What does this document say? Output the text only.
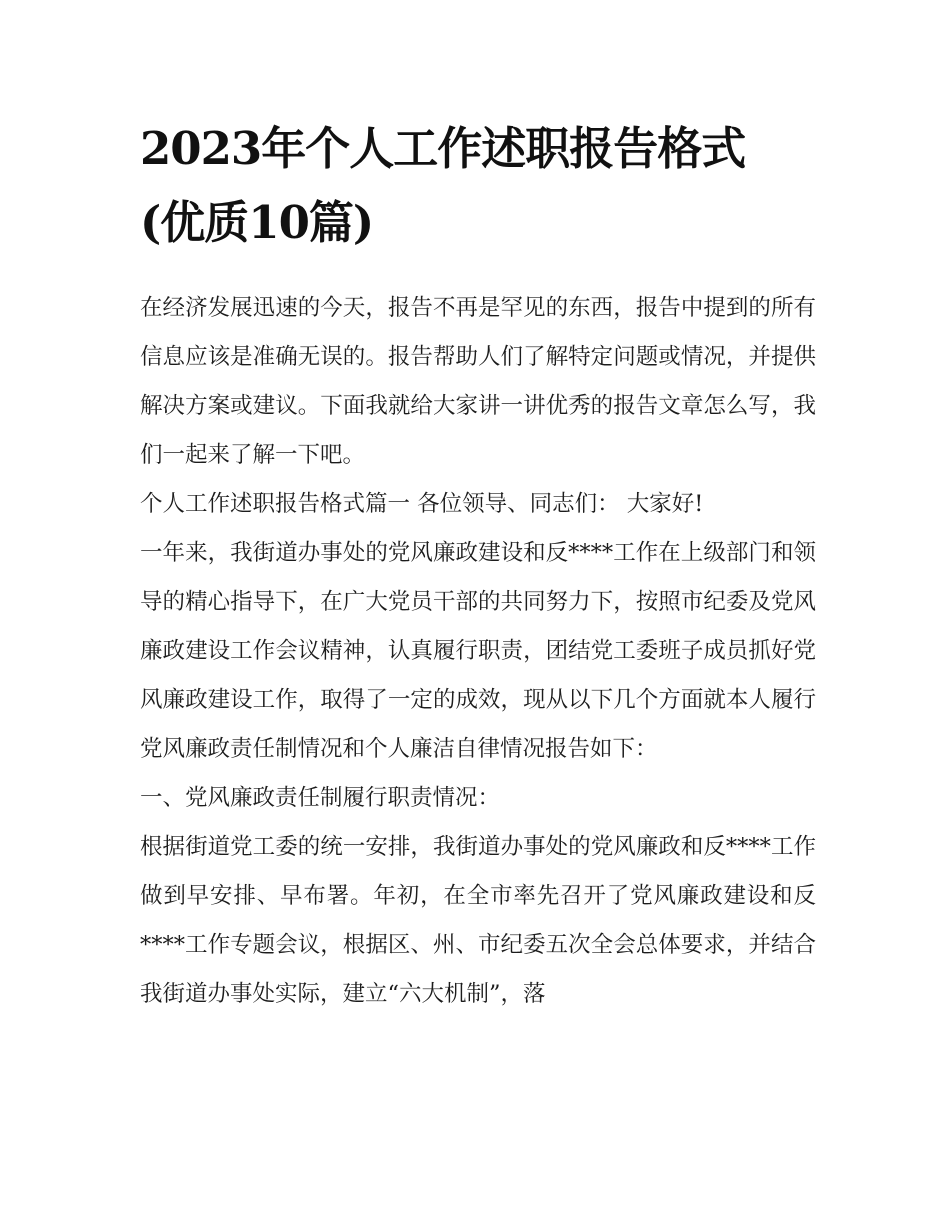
2023年个人工作述职报告格式
(优质10篇)

在经济发展迅速的今天，报告不再是罕见的东西，报告中提到的所有信息应该是准确无误的。报告帮助人们了解特定问题或情况，并提供解决方案或建议。下面我就给大家讲一讲优秀的报告文章怎么写，我们一起来了解一下吧。

个人工作述职报告格式篇一 各位领导、同志们： 大家好!

一年来，我街道办事处的党风廉政建设和反****工作在上级部门和领导的精心指导下，在广大党员干部的共同努力下，按照市纪委及党风廉政建设工作会议精神，认真履行职责，团结党工委班子成员抓好党风廉政建设工作，取得了一定的成效，现从以下几个方面就本人履行党风廉政责任制情况和个人廉洁自律情况报告如下：

一、党风廉政责任制履行职责情况：

根据街道党工委的统一安排，我街道办事处的党风廉政和反****工作做到早安排、早布署。年初，在全市率先召开了党风廉政建设和反****工作专题会议，根据区、州、市纪委五次全会总体要求，并结合我街道办事处实际，建立“六大机制”，落
